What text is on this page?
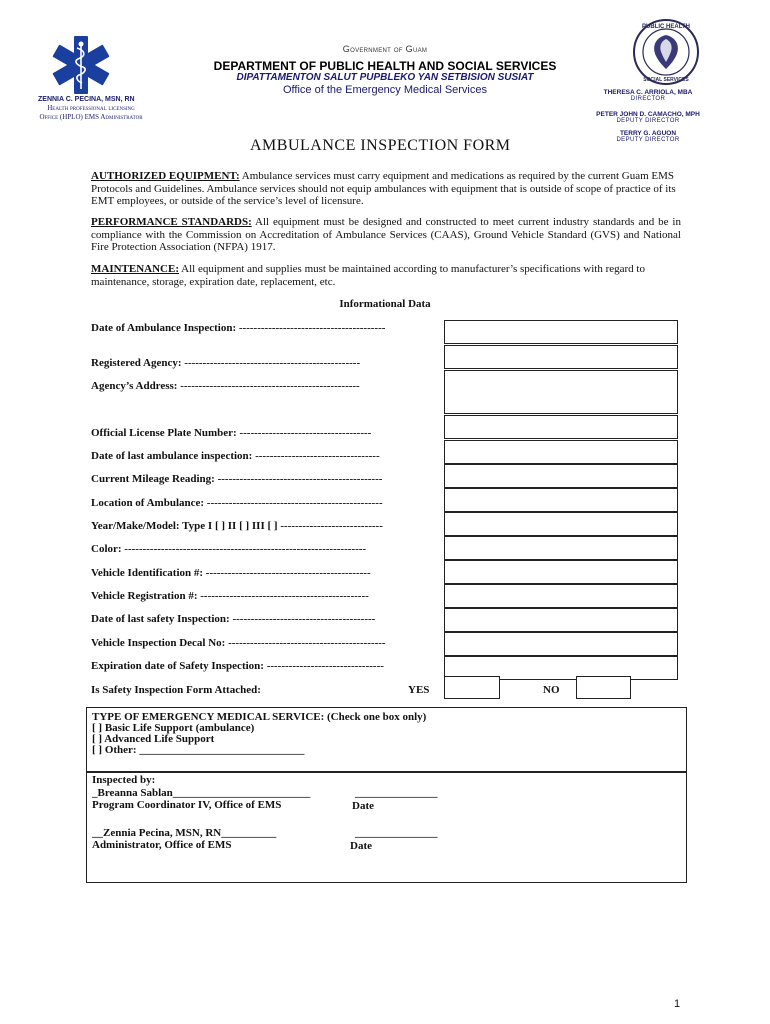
PUBLIC HEALTH
SOCIAL SERVICES
Government of Guam
DEPARTMENT OF PUBLIC HEALTH AND SOCIAL SERVICES
DIPATTAMENTON SALUT PUPBLEKO YAN SETBISION SUSIAT
Office of the Emergency Medical Services
ZENNIA C. PECINA, MSN, RN
Health professional licensing
Office (HPLO) EMS Administrator
THERESA C. ARRIOLA, MBA
DIRECTOR
PETER JOHN D. CAMACHO, MPH
DEPUTY DIRECTOR
TERRY G. AGUON
DEPUTY DIRECTOR
AMBULANCE INSPECTION FORM
AUTHORIZED EQUIPMENT: Ambulance services must carry equipment and medications as required by the current Guam EMS Protocols and Guidelines. Ambulance services should not equip ambulances with equipment that is outside of scope of practice of its EMT employees, or outside of the service’s level of licensure.
PERFORMANCE STANDARDS: All equipment must be designed and constructed to meet current industry standards and be in compliance with the Commission on Accreditation of Ambulance Services (CAAS), Ground Vehicle Standard (GVS) and National Fire Protection Association (NFPA) 1917.
MAINTENANCE: All equipment and supplies must be maintained according to manufacturer’s specifications with regard to maintenance, storage, expiration date, replacement, etc.
Informational Data
Date of Ambulance Inspection: ----------------------------------------
Registered Agency: ------------------------------------------------
Agency’s Address: -------------------------------------------------
Official License Plate Number: ------------------------------------
Date of last ambulance inspection: ----------------------------------
Current Mileage Reading: ---------------------------------------------
Location of Ambulance: ------------------------------------------------
Year/Make/Model: Type I [ ] II [ ] III [ ] ----------------------------
Color: ------------------------------------------------------------------
Vehicle Identification #: ---------------------------------------------
Vehicle Registration #: ----------------------------------------------
Date of last safety Inspection: ---------------------------------------
Vehicle Inspection Decal No: -------------------------------------------
Expiration date of Safety Inspection: --------------------------------
Is Safety Inspection Form Attached:	YES	NO
TYPE OF EMERGENCY MEDICAL SERVICE: (Check one box only)
[ ] Basic Life Support (ambulance)
[ ] Advanced Life Support
[ ] Other: ______________________________
Inspected by:
_Breanna Sablan_________________________
Program Coordinator IV, Office of EMS
_______________
Date
__Zennia Pecina, MSN, RN__________
Administrator, Office of EMS
_______________
Date
1
